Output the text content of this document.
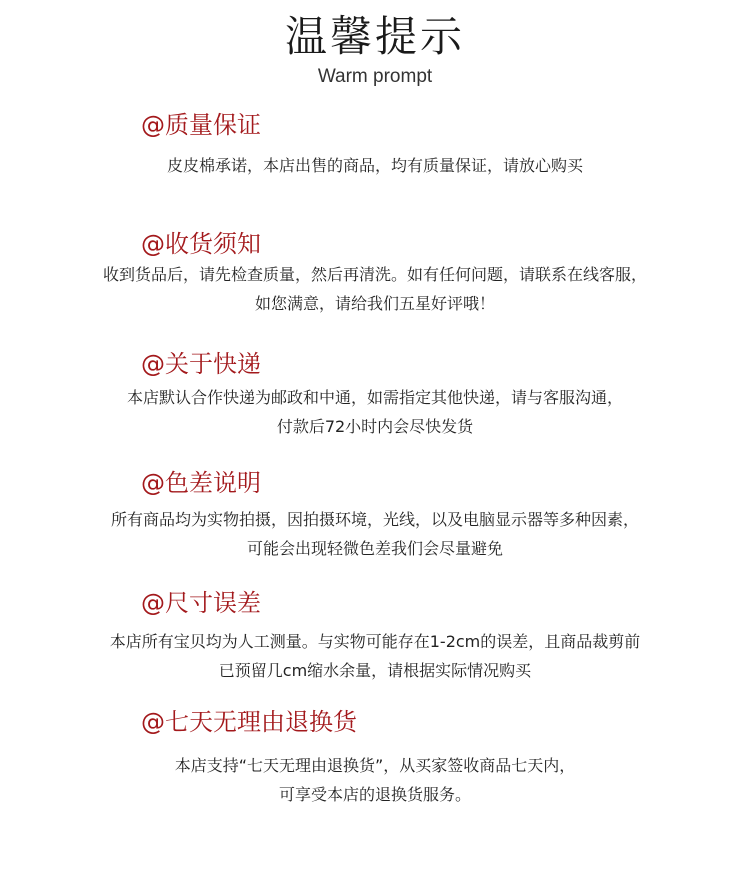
温馨提示
Warm prompt
@质量保证
皮皮棉承诺，本店出售的商品，均有质量保证，请放心购买
@收货须知
收到货品后，请先检查质量，然后再清洗。如有任何问题，请联系在线客服，
如您满意，请给我们五星好评哦！
@关于快递
本店默认合作快递为邮政和中通，如需指定其他快递，请与客服沟通，
付款后72小时内会尽快发货
@色差说明
所有商品均为实物拍摄，因拍摄环境，光线，以及电脑显示器等多种因素，
可能会出现轻微色差我们会尽量避免
@尺寸误差
本店所有宝贝均为人工测量。与实物可能存在1-2cm的误差，且商品裁剪前
已预留几cm缩水余量，请根据实际情况购买
@七天无理由退换货
本店支持“七天无理由退换货”，从买家签收商品七天内，
可享受本店的退换货服务。
